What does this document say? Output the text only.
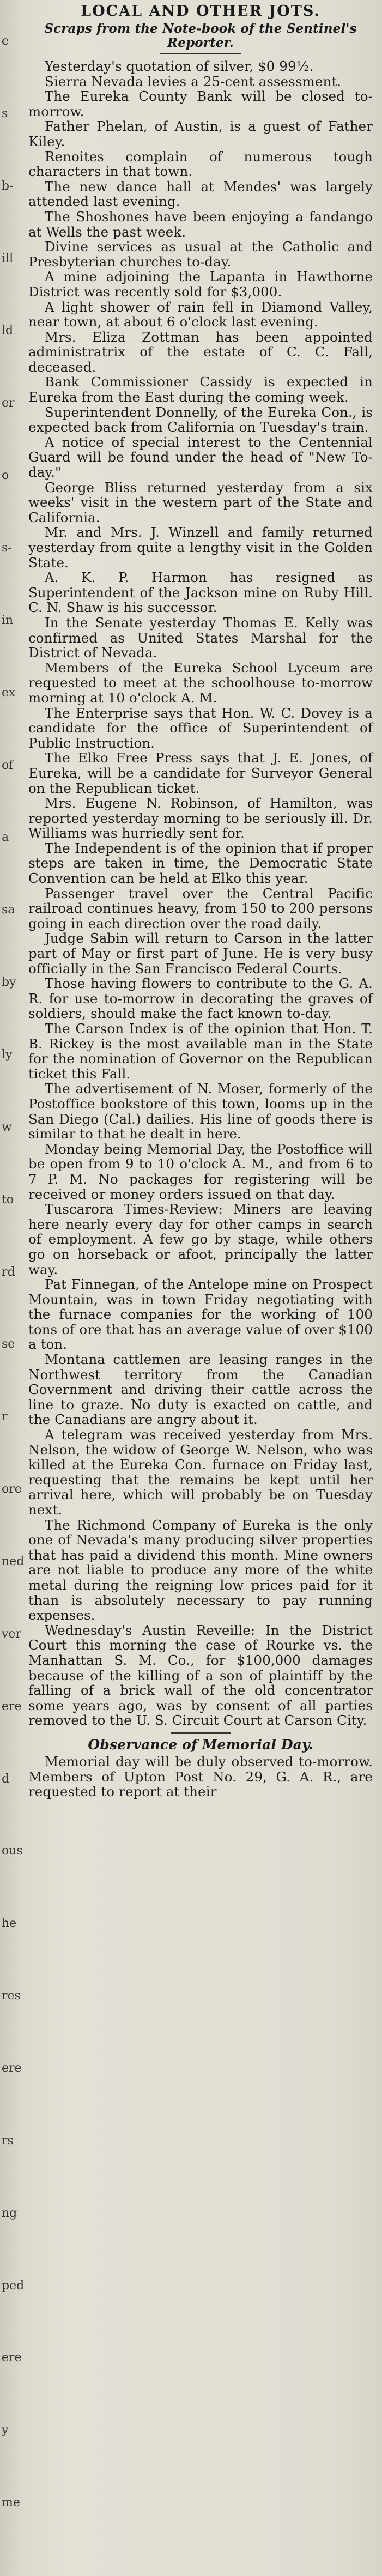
e
s
b-
ill
ld
er
o
s-
in
ex
of
a
sa
by
ly
w
to
rd
se
r
ore
ned
ver
ere
d
ous
he
res
ere
rs
ng
ped
ere
y
me
LOCAL AND OTHER JOTS.
Scraps from the Note-book of the Sentinel's Reporter.

Yesterday's quotation of silver, $0 99½.

Sierra Nevada levies a 25-cent assessment.

The Eureka County Bank will be closed to-morrow.

Father Phelan, of Austin, is a guest of Father Kiley.

Renoites complain of numerous tough characters in that town.

The new dance hall at Mendes' was largely attended last evening.

The Shoshones have been enjoying a fandango at Wells the past week.

Divine services as usual at the Catholic and Presbyterian churches to-day.

A mine adjoining the Lapanta in Hawthorne District was recently sold for $3,000.

A light shower of rain fell in Diamond Valley, near town, at about 6 o'clock last evening.

Mrs. Eliza Zottman has been appointed administratrix of the estate of C. C. Fall, deceased.

Bank Commissioner Cassidy is expected in Eureka from the East during the coming week.

Superintendent Donnelly, of the Eureka Con., is expected back from California on Tuesday's train.

A notice of special interest to the Centennial Guard will be found under the head of "New To-day."

George Bliss returned yesterday from a six weeks' visit in the western part of the State and California.

Mr. and Mrs. J. Winzell and family returned yesterday from quite a lengthy visit in the Golden State.

A. K. P. Harmon has resigned as Superintendent of the Jackson mine on Ruby Hill. C. N. Shaw is his successor.

In the Senate yesterday Thomas E. Kelly was confirmed as United States Marshal for the District of Nevada.

Members of the Eureka School Lyceum are requested to meet at the schoolhouse to-morrow morning at 10 o'clock A. M.

The Enterprise says that Hon. W. C. Dovey is a candidate for the office of Superintendent of Public Instruction.

The Elko Free Press says that J. E. Jones, of Eureka, will be a candidate for Surveyor General on the Republican ticket.

Mrs. Eugene N. Robinson, of Hamilton, was reported yesterday morning to be seriously ill. Dr. Williams was hurriedly sent for.

The Independent is of the opinion that if proper steps are taken in time, the Democratic State Convention can be held at Elko this year.

Passenger travel over the Central Pacific railroad continues heavy, from 150 to 200 persons going in each direction over the road daily.

Judge Sabin will return to Carson in the latter part of May or first part of June. He is very busy officially in the San Francisco Federal Courts.

Those having flowers to contribute to the G. A. R. for use to-morrow in decorating the graves of soldiers, should make the fact known to-day.

The Carson Index is of the opinion that Hon. T. B. Rickey is the most available man in the State for the nomination of Governor on the Republican ticket this Fall.

The advertisement of N. Moser, formerly of the Postoffice bookstore of this town, looms up in the San Diego (Cal.) dailies. His line of goods there is similar to that he dealt in here.

Monday being Memorial Day, the Postoffice will be open from 9 to 10 o'clock A. M., and from 6 to 7 P. M. No packages for registering will be received or money orders issued on that day.

Tuscarora Times-Review: Miners are leaving here nearly every day for other camps in search of employment. A few go by stage, while others go on horseback or afoot, principally the latter way.

Pat Finnegan, of the Antelope mine on Prospect Mountain, was in town Friday negotiating with the furnace companies for the working of 100 tons of ore that has an average value of over $100 a ton.

Montana cattlemen are leasing ranges in the Northwest territory from the Canadian Government and driving their cattle across the line to graze. No duty is exacted on cattle, and the Canadians are angry about it.

A telegram was received yesterday from Mrs. Nelson, the widow of George W. Nelson, who was killed at the Eureka Con. furnace on Friday last, requesting that the remains be kept until her arrival here, which will probably be on Tuesday next.

The Richmond Company of Eureka is the only one of Nevada's many producing silver properties that has paid a dividend this month. Mine owners are not liable to produce any more of the white metal during the reigning low prices paid for it than is absolutely necessary to pay running expenses.

Wednesday's Austin Reveille: In the District Court this morning the case of Rourke vs. the Manhattan S. M. Co., for $100,000 damages because of the killing of a son of plaintiff by the falling of a brick wall of the old concentrator some years ago, was by consent of all parties removed to the U. S. Circuit Court at Carson City.

Observance of Memorial Day.

Memorial day will be duly observed to-morrow. Members of Upton Post No. 29, G. A. R., are requested to report at their
